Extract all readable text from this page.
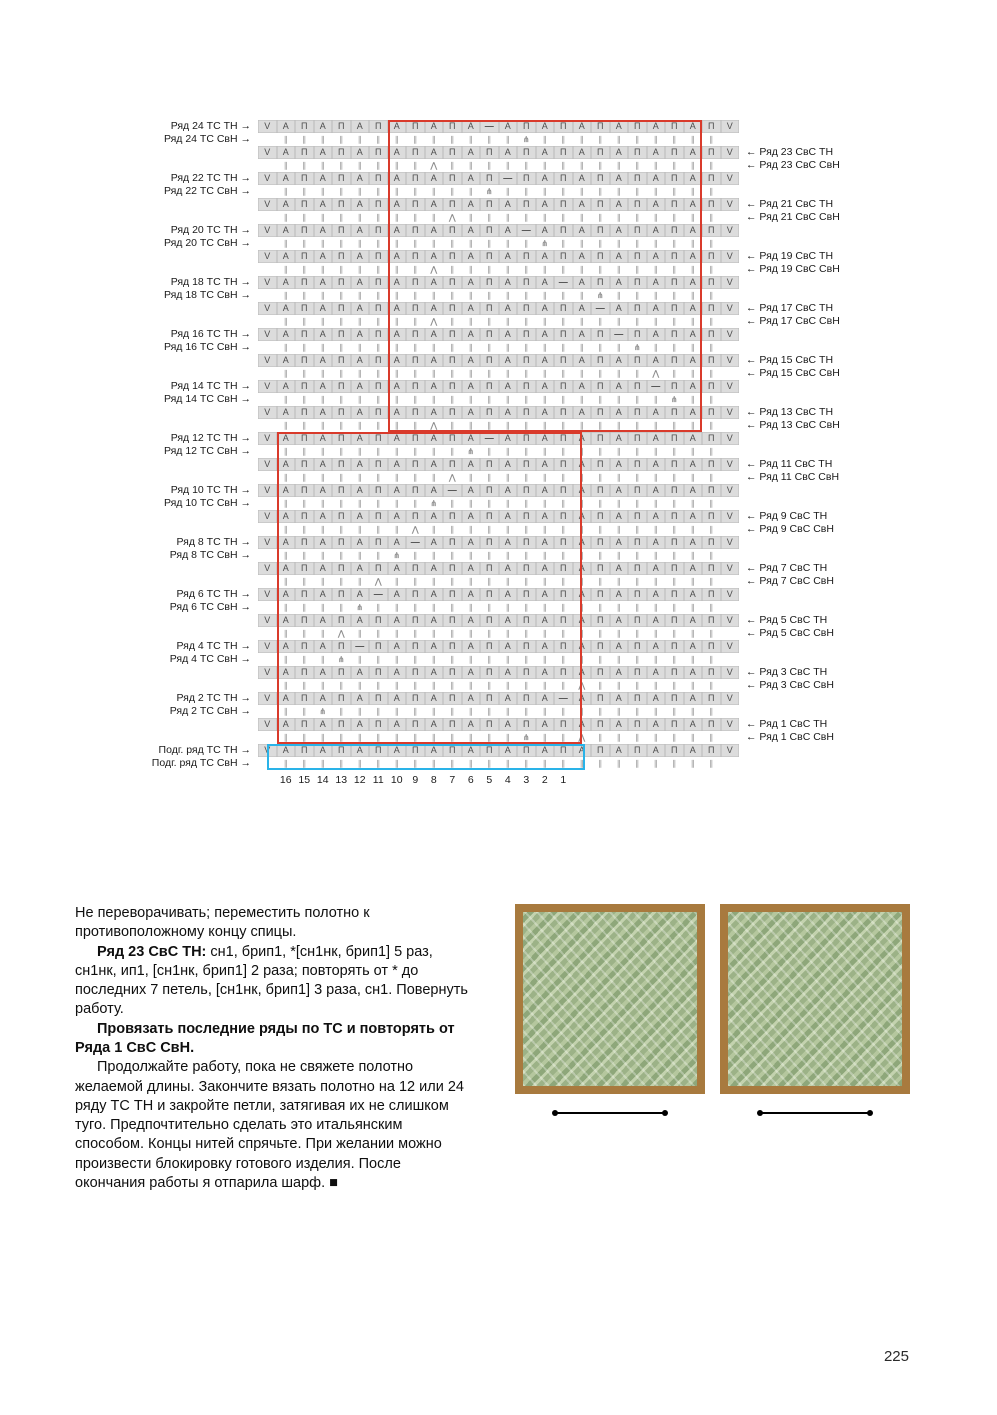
Ряд 24 ТС ТН →	V	А	П	А	П	А	П	А	П	А	П	А	—	А	П	А	П	А	П	А	П	А	П	А	П	V
Ряд 24 ТС СвН →	∥	∥	∥	∥	∥	∥	∥	∥	∥	∥	∥	∥	∥	⋔	∥	∥	∥	∥	∥	∥	∥	∥	∥	∥
V	А	П	А	П	А	П	А	П	А	П	А	П	А	П	А	П	А	П	А	П	А	П	А	П	V	← Ряд 23 СвС ТН
∥	∥	∥	∥	∥	∥	∥	∥	⋀	∥	∥	∥	∥	∥	∥	∥	∥	∥	∥	∥	∥	∥	∥	∥	← Ряд 23 СвС СвН
Ряд 22 ТС ТН →	V	А	П	А	П	А	П	А	П	А	П	А	П	—	П	А	П	А	П	А	П	А	П	А	П	V
Ряд 22 ТС СвН →	∥	∥	∥	∥	∥	∥	∥	∥	∥	∥	∥	⋔	∥	∥	∥	∥	∥	∥	∥	∥	∥	∥	∥	∥
V	А	П	А	П	А	П	А	П	А	П	А	П	А	П	А	П	А	П	А	П	А	П	А	П	V	← Ряд 21 СвС ТН
∥	∥	∥	∥	∥	∥	∥	∥	∥	⋀	∥	∥	∥	∥	∥	∥	∥	∥	∥	∥	∥	∥	∥	∥	← Ряд 21 СвС СвН
Ряд 20 ТС ТН →	V	А	П	А	П	А	П	А	П	А	П	А	П	А	—	А	П	А	П	А	П	А	П	А	П	V
Ряд 20 ТС СвН →	∥	∥	∥	∥	∥	∥	∥	∥	∥	∥	∥	∥	∥	∥	⋔	∥	∥	∥	∥	∥	∥	∥	∥	∥
V	А	П	А	П	А	П	А	П	А	П	А	П	А	П	А	П	А	П	А	П	А	П	А	П	V	← Ряд 19 СвС ТН
∥	∥	∥	∥	∥	∥	∥	∥	⋀	∥	∥	∥	∥	∥	∥	∥	∥	∥	∥	∥	∥	∥	∥	∥	← Ряд 19 СвС СвН
Ряд 18 ТС ТН →	V	А	П	А	П	А	П	А	П	А	П	А	П	А	П	А	—	А	П	А	П	А	П	А	П	V
Ряд 18 ТС СвН →	∥	∥	∥	∥	∥	∥	∥	∥	∥	∥	∥	∥	∥	∥	∥	∥	∥	⋔	∥	∥	∥	∥	∥	∥
V	А	П	А	П	А	П	А	П	А	П	А	П	А	П	А	П	А	—	А	П	А	П	А	П	V	← Ряд 17 СвС ТН
∥	∥	∥	∥	∥	∥	∥	∥	⋀	∥	∥	∥	∥	∥	∥	∥	∥	∥	∥	∥	∥	∥	∥	∥	← Ряд 17 СвС СвН
Ряд 16 ТС ТН →	V	А	П	А	П	А	П	А	П	А	П	А	П	А	П	А	П	А	П	—	П	А	П	А	П	V
Ряд 16 ТС СвН →	∥	∥	∥	∥	∥	∥	∥	∥	∥	∥	∥	∥	∥	∥	∥	∥	∥	∥	∥	⋔	∥	∥	∥	∥
V	А	П	А	П	А	П	А	П	А	П	А	П	А	П	А	П	А	П	А	П	А	П	А	П	V	← Ряд 15 СвС ТН
∥	∥	∥	∥	∥	∥	∥	∥	∥	∥	∥	∥	∥	∥	∥	∥	∥	∥	∥	∥	⋀	∥	∥	∥	← Ряд 15 СвС СвН
Ряд 14 ТС ТН →	V	А	П	А	П	А	П	А	П	А	П	А	П	А	П	А	П	А	П	А	П	—	П	А	П	V
Ряд 14 ТС СвН →	∥	∥	∥	∥	∥	∥	∥	∥	∥	∥	∥	∥	∥	∥	∥	∥	∥	∥	∥	∥	∥	⋔	∥	∥
V	А	П	А	П	А	П	А	П	А	П	А	П	А	П	А	П	А	П	А	П	А	П	А	П	V	← Ряд 13 СвС ТН
∥	∥	∥	∥	∥	∥	∥	∥	⋀	∥	∥	∥	∥	∥	∥	∥	∥	∥	∥	∥	∥	∥	∥	∥	← Ряд 13 СвС СвН
Ряд 12 ТС ТН →	V	А	П	А	П	А	П	А	П	А	П	А	—	А	П	А	П	А	П	А	П	А	П	А	П	V
Ряд 12 ТС СвН →	∥	∥	∥	∥	∥	∥	∥	∥	∥	∥	⋔	∥	∥	∥	∥	∥	∥	∥	∥	∥	∥	∥	∥	∥
V	А	П	А	П	А	П	А	П	А	П	А	П	А	П	А	П	А	П	А	П	А	П	А	П	V	← Ряд 11 СвС ТН
∥	∥	∥	∥	∥	∥	∥	∥	∥	⋀	∥	∥	∥	∥	∥	∥	∥	∥	∥	∥	∥	∥	∥	∥	← Ряд 11 СвС СвН
Ряд 10 ТС ТН →	V	А	П	А	П	А	П	А	П	А	—	А	П	А	П	А	П	А	П	А	П	А	П	А	П	V
Ряд 10 ТС СвН →	∥	∥	∥	∥	∥	∥	∥	∥	⋔	∥	∥	∥	∥	∥	∥	∥	∥	∥	∥	∥	∥	∥	∥	∥
V	А	П	А	П	А	П	А	П	А	П	А	П	А	П	А	П	А	П	А	П	А	П	А	П	V	← Ряд 9 СвС ТН
∥	∥	∥	∥	∥	∥	∥	⋀	∥	∥	∥	∥	∥	∥	∥	∥	∥	∥	∥	∥	∥	∥	∥	∥	← Ряд 9 СвС СвН
Ряд 8 ТС ТН →	V	А	П	А	П	А	П	А	—	А	П	А	П	А	П	А	П	А	П	А	П	А	П	А	П	V
Ряд 8 ТС СвН →	∥	∥	∥	∥	∥	∥	⋔	∥	∥	∥	∥	∥	∥	∥	∥	∥	∥	∥	∥	∥	∥	∥	∥	∥
V	А	П	А	П	А	П	А	П	А	П	А	П	А	П	А	П	А	П	А	П	А	П	А	П	V	← Ряд 7 СвС ТН
∥	∥	∥	∥	∥	⋀	∥	∥	∥	∥	∥	∥	∥	∥	∥	∥	∥	∥	∥	∥	∥	∥	∥	∥	← Ряд 7 СвС СвН
Ряд 6 ТС ТН →	V	А	П	А	П	А	—	А	П	А	П	А	П	А	П	А	П	А	П	А	П	А	П	А	П	V
Ряд 6 ТС СвН →	∥	∥	∥	∥	⋔	∥	∥	∥	∥	∥	∥	∥	∥	∥	∥	∥	∥	∥	∥	∥	∥	∥	∥	∥
V	А	П	А	П	А	П	А	П	А	П	А	П	А	П	А	П	А	П	А	П	А	П	А	П	V	← Ряд 5 СвС ТН
∥	∥	∥	⋀	∥	∥	∥	∥	∥	∥	∥	∥	∥	∥	∥	∥	∥	∥	∥	∥	∥	∥	∥	∥	← Ряд 5 СвС СвН
Ряд 4 ТС ТН →	V	А	П	А	П	—	П	А	П	А	П	А	П	А	П	А	П	А	П	А	П	А	П	А	П	V
Ряд 4 ТС СвН →	∥	∥	∥	⋔	∥	∥	∥	∥	∥	∥	∥	∥	∥	∥	∥	∥	∥	∥	∥	∥	∥	∥	∥	∥
V	А	П	А	П	А	П	А	П	А	П	А	П	А	П	А	П	А	П	А	П	А	П	А	П	V	← Ряд 3 СвС ТН
∥	∥	∥	∥	∥	∥	∥	∥	∥	∥	∥	∥	∥	∥	∥	∥	⋀	∥	∥	∥	∥	∥	∥	∥	← Ряд 3 СвС СвН
Ряд 2 ТС ТН →	V	А	П	А	П	А	П	А	П	А	П	А	П	А	П	А	—	А	П	А	П	А	П	А	П	V
Ряд 2 ТС СвН →	∥	∥	⋔	∥	∥	∥	∥	∥	∥	∥	∥	∥	∥	∥	∥	∥	∥	∥	∥	∥	∥	∥	∥	∥
V	А	П	А	П	А	П	А	П	А	П	А	П	А	П	А	П	А	П	А	П	А	П	А	П	V	← Ряд 1 СвС ТН
∥	∥	∥	∥	∥	∥	∥	∥	∥	∥	∥	∥	∥	⋔	∥	∥	⋀	∥	∥	∥	∥	∥	∥	∥	← Ряд 1 СвС СвН
Подг. ряд ТС ТН →	V	А	П	А	П	А	П	А	П	А	П	А	П	А	П	А	П	А	П	А	П	А	П	А	П	V
Подг. ряд ТС СвН →	∥	∥	∥	∥	∥	∥	∥	∥	∥	∥	∥	∥	∥	∥	∥	∥	∥	∥	∥	∥	∥	∥	∥	∥
16 15 14 13 12 11 10 9	8	7	6	5	4	3	2	1

Не переворачивать; переместить полотно к противоположному концу спицы.

Ряд 23 СвС ТН: сн1, брип1, *[сн1нк, брип1] 5 раз, сн1нк, ип1, [сн1нк, брип1] 2 раза; повторять от * до последних 7 петель, [сн1нк, брип1] 3 раза, сн1. Повернуть работу.

Провязать последние ряды по ТС и повторять от Ряда 1 СвС СвН.

Продолжайте работу, пока не свяжете полотно желаемой длины. Закончите вязать полотно на 12 или 24 ряду ТС ТН и закройте петли, затягивая их не слишком туго. Предпочтительно сделать это итальянским способом. Концы нитей спрячьте. При желании можно произвести блокировку готового изделия. После окончания работы я отпарила шарф. ■

225
